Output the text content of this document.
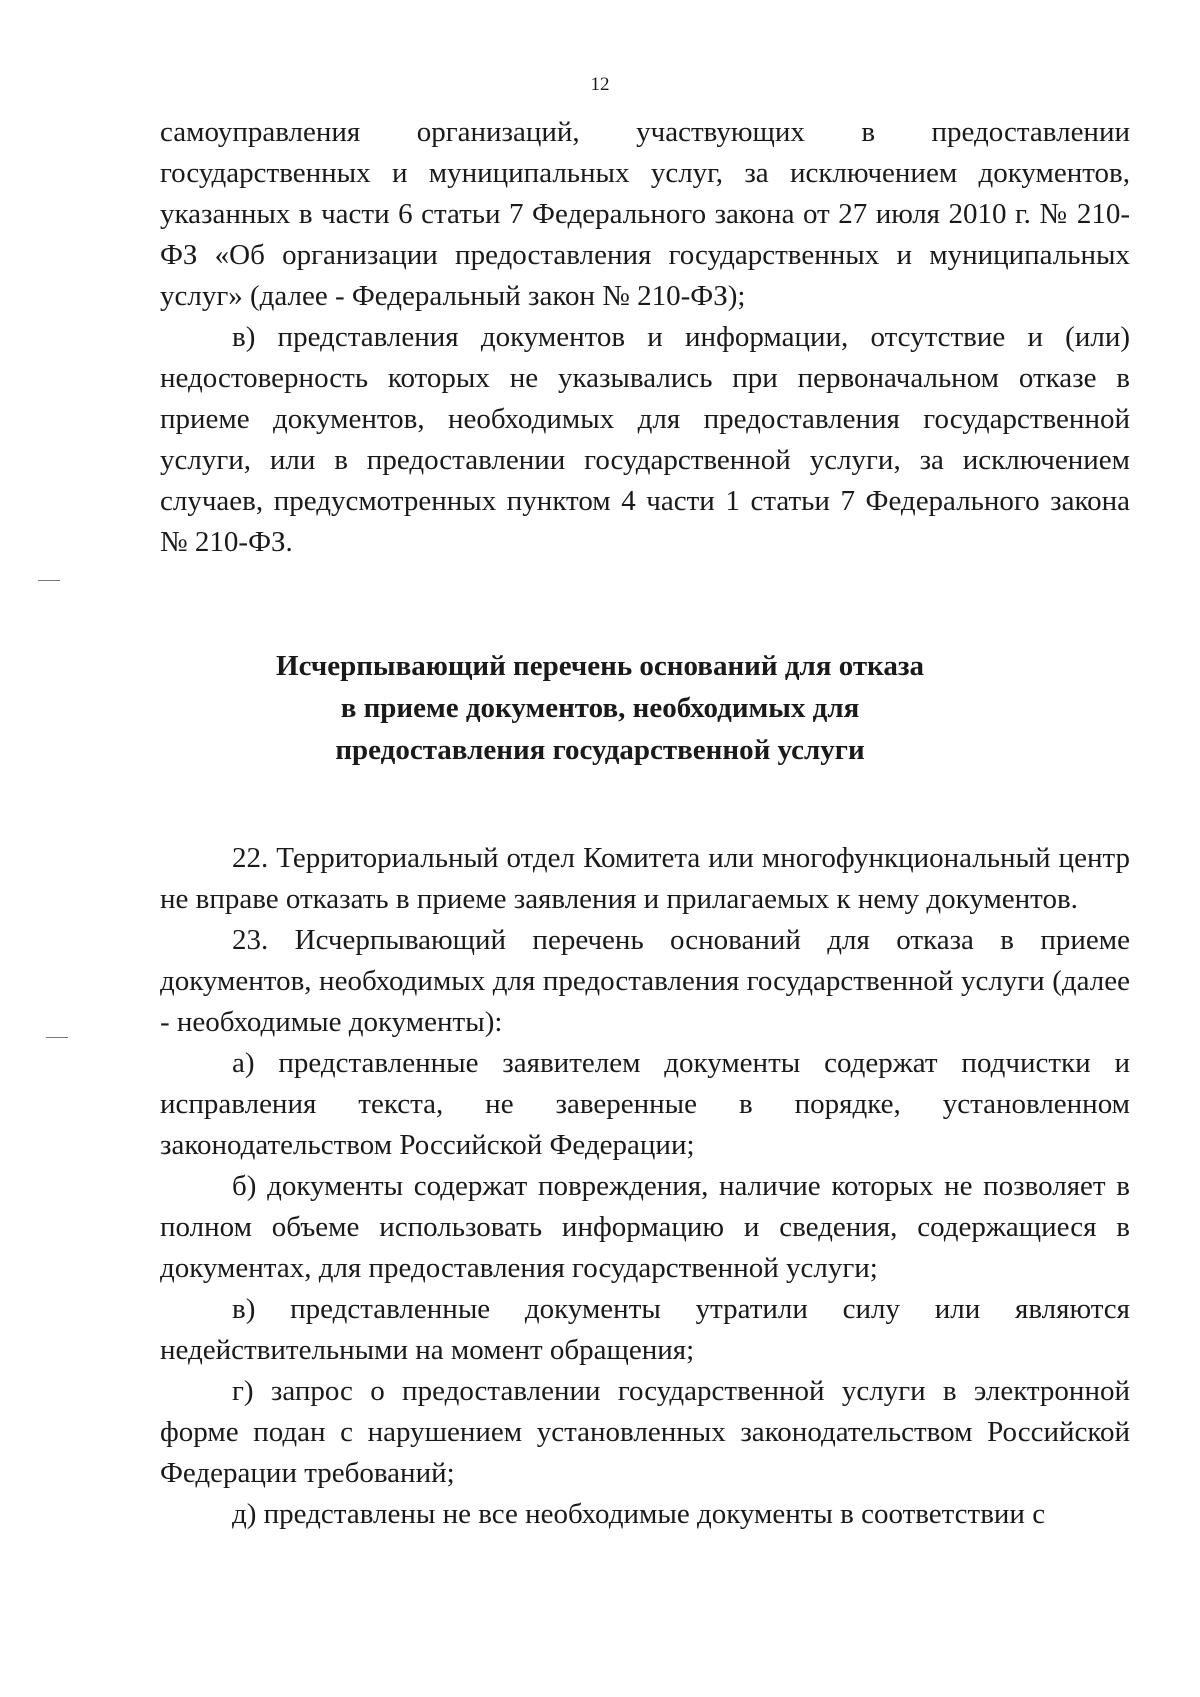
12

самоуправления организаций, участвующих в предоставлении государственных и муниципальных услуг, за исключением документов, указанных в части 6 статьи 7 Федерального закона от 27 июля 2010 г. № 210-ФЗ «Об организации предоставления государственных и муниципальных услуг» (далее - Федеральный закон № 210-ФЗ);

в) представления документов и информации, отсутствие и (или) недостоверность которых не указывались при первоначальном отказе в приеме документов, необходимых для предоставления государственной услуги, или в предоставлении государственной услуги, за исключением случаев, предусмотренных пунктом 4 части 1 статьи 7 Федерального закона № 210-ФЗ.

Исчерпывающий перечень оснований для отказа
в приеме документов, необходимых для
предоставления государственной услуги

22. Территориальный отдел Комитета или многофункциональный центр не вправе отказать в приеме заявления и прилагаемых к нему документов.

23. Исчерпывающий перечень оснований для отказа в приеме документов, необходимых для предоставления государственной услуги (далее - необходимые документы):

а) представленные заявителем документы содержат подчистки и исправления текста, не заверенные в порядке, установленном законодательством Российской Федерации;

б) документы содержат повреждения, наличие которых не позволяет в полном объеме использовать информацию и сведения, содержащиеся в документах, для предоставления государственной услуги;

в) представленные документы утратили силу или являются недействительными на момент обращения;

г) запрос о предоставлении государственной услуги в электронной форме подан с нарушением установленных законодательством Российской Федерации требований;

д) представлены не все необходимые документы в соответствии с
